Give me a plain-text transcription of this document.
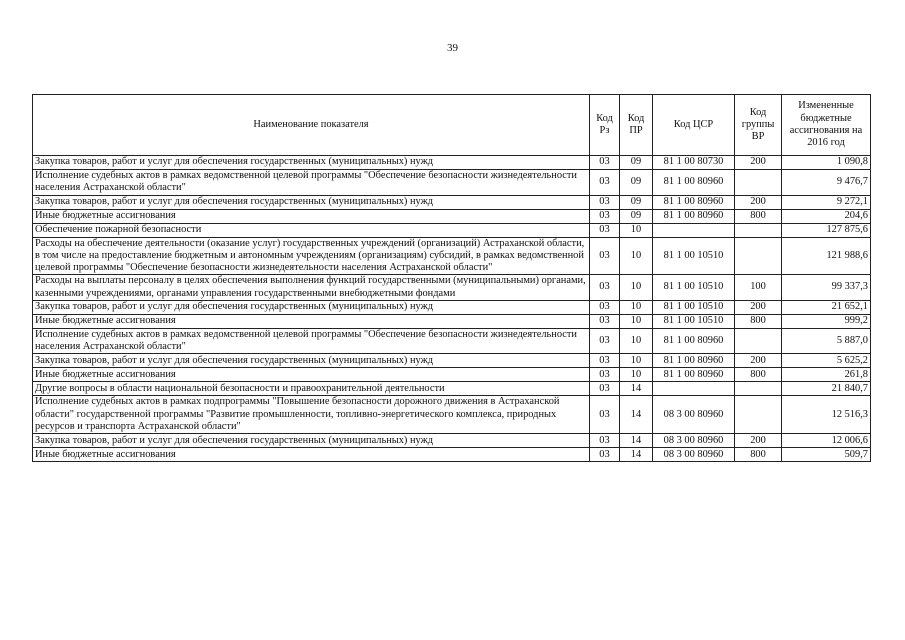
39
Наименование показателя	Код Рз	Код ПР	Код ЦСР	Код группы ВР	Измененные бюджетные ассигнования на 2016 год
Закупка товаров, работ и услуг для обеспечения государственных (муниципальных) нужд	03	09	81 1 00 80730	200	1 090,8
Исполнение судебных актов в рамках ведомственной целевой программы "Обеспечение безопасности жизнедеятельности населения Астраханской области"	03	09	81 1 00 80960		9 476,7
Закупка товаров, работ и услуг для обеспечения государственных (муниципальных) нужд	03	09	81 1 00 80960	200	9 272,1
Иные бюджетные ассигнования	03	09	81 1 00 80960	800	204,6
Обеспечение пожарной безопасности	03	10			127 875,6
Расходы на обеспечение деятельности (оказание услуг) государственных учреждений (организаций) Астраханской области, в том числе на предоставление бюджетным и автономным учреждениям (организациям) субсидий, в рамках ведомственной целевой программы "Обеспечение безопасности жизнедеятельности населения Астраханской области"	03	10	81 1 00 10510		121 988,6
Расходы на выплаты персоналу в целях обеспечения выполнения функций государственными (муниципальными) органами, казенными учреждениями, органами управления государственными внебюджетными фондами	03	10	81 1 00 10510	100	99 337,3
Закупка товаров, работ и услуг для обеспечения государственных (муниципальных) нужд	03	10	81 1 00 10510	200	21 652,1
Иные бюджетные ассигнования	03	10	81 1 00 10510	800	999,2
Исполнение судебных актов в рамках ведомственной целевой программы "Обеспечение безопасности жизнедеятельности населения Астраханской области"	03	10	81 1 00 80960		5 887,0
Закупка товаров, работ и услуг для обеспечения государственных (муниципальных) нужд	03	10	81 1 00 80960	200	5 625,2
Иные бюджетные ассигнования	03	10	81 1 00 80960	800	261,8
Другие вопросы в области национальной безопасности и правоохранительной деятельности	03	14			21 840,7
Исполнение судебных актов в рамках подпрограммы "Повышение безопасности дорожного движения в Астраханской области" государственной программы "Развитие промышленности, топливно-энергетического комплекса, природных ресурсов и транспорта Астраханской области"	03	14	08 3 00 80960		12 516,3
Закупка товаров, работ и услуг для обеспечения государственных (муниципальных) нужд	03	14	08 3 00 80960	200	12 006,6
Иные бюджетные ассигнования	03	14	08 3 00 80960	800	509,7
